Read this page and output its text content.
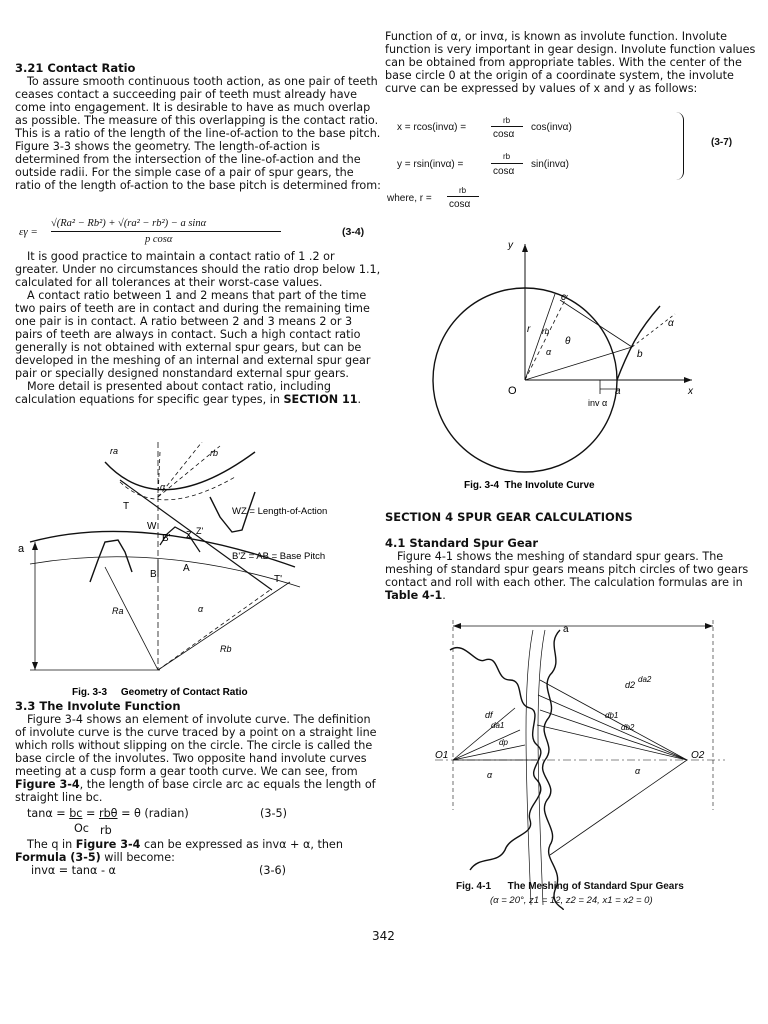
3.21 Contact Ratio

To assure smooth continuous tooth action, as one pair of teeth ceases contact a succeeding pair of teeth must already have come into engagement. It is desirable to have as much overlap as possible. The measure of this overlapping is the contact ratio. This is a ratio of the length of the line-of-action to the base pitch. Figure 3-3 shows the geometry. The length-of-action is determined from the intersection of the line-of-action and the outside radii. For the simple case of a pair of spur gears, the ratio of the length of-action to the base pitch is determined from:

εγ =
√(Ra² − Rb²) + √(ra² − rb²) − a sinα
p cosα
(3-4)

It is good practice to maintain a contact ratio of 1 .2 or greater. Under no circumstances should the ratio drop below 1.1, calculated for all tolerances at their worst-case values.

A contact ratio between 1 and 2 means that part of the time two pairs of teeth are in contact and during the remaining time one pair is in contact. A ratio between 2 and 3 means 2 or 3 pairs of teeth are always in contact. Such a high contact ratio generally is not obtained with external spur gears, but can be developed in the meshing of an internal and external spur gear pair or specially designed nonstandard external spur gears.

More detail is presented about contact ratio, including calculation equations for specific gear types, in SECTION 11.

ra	rb
α
T
W
B' Z Z'
B
A
T'
a
Ra
Rb
α
WZ = Length-of-Action
B'Z = AB = Base Pitch
Fig. 3-3     Geometry of Contact Ratio
3.3 The Involute Function

Figure 3-4 shows an element of involute curve. The definition of involute curve is the curve traced by a point on a straight line which rolls without slipping on the circle. The circle is called the base circle of the involutes. Two opposite hand involute curves meeting at a cusp form a gear tooth curve. We can see, from Figure 3-4, the length of base circle arc ac equals the length of straight line bc.

tanα = bc = rbθ = θ (radian)	(3-5)
Oc rb

The q in Figure 3-4 can be expressed as invα + α, then Formula (3-5) will become:

invα = tanα - α	(3-6)

Function of α, or invα, is known as involute function. Involute function is very important in gear design. Involute function values can be obtained from appropriate tables. With the center of the base circle 0 at the origin of a coordinate system, the involute curve can be expressed by values of x and y as follows:

x = rcos(invα) =
rb
cosα
cos(invα)
y = rsin(invα) =
rb
cosα
sin(invα)
where, r =
rb
cosα
(3-7)
y
c
r rb
α
θ
b
α
O	a	x
inv α
Fig. 3-4  The Involute Curve
SECTION 4 SPUR GEAR CALCULATIONS
4.1 Standard Spur Gear

Figure 4-1 shows the meshing of standard spur gears. The meshing of standard spur gears means pitch circles of two gears contact and roll with each other. The calculation formulas are in Table 4-1.

a
df
da1
d2
da2
db1
db2
dp
O1
α
O2
α
Fig. 4-1      The Meshing of Standard Spur Gears
(α = 20°, z1 = 12, z2 = 24, x1 = x2 = 0)
342
